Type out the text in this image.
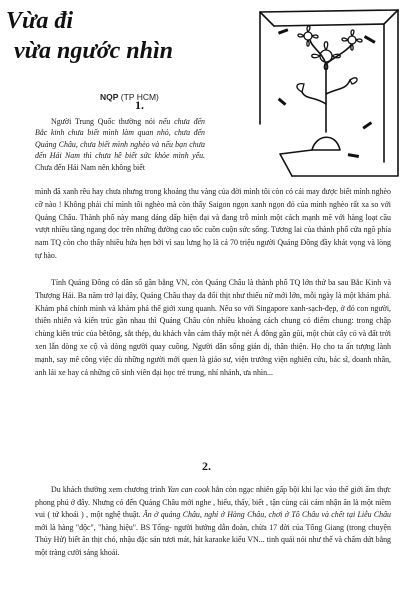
Vừa đi
vừa ngước nhìn
NQP (TP HCM)
1.

Người Trung Quốc thường nói nếu chưa đến Bắc kinh chưa biết mình làm quan nhỏ, chưa đến Quảng Châu, chưa biết mình nghèo và nếu bạn chưa đến Hải Nam thì chưa hề biết sức khỏe mình yếu. Chưa đến Hải Nam nên không biết

mình đã xanh rêu hay chưa nhưng trong khoảng thu vàng của đời mình tôi còn có cái may được biết mình nghèo cỡ nào ! Không phải chỉ mình tôi nghèo mà còn thấy Saigon ngọn xanh ngọn đỏ của mình nghèo rất xa so với Quảng Châu. Thành phố này mang dáng dấp hiện đại và đang trỗ mình một cách mạnh mẽ với hàng loạt cầu vượt nhiều tầng ngang dọc trên những đường cao tốc cuồn cuộn sức sống. Tương lai của thành phố cửa ngõ phía nam TQ còn cho thấy nhiều hứa hẹn bởi vì sau lưng họ là cả 70 triệu người Quảng Đông đầy khát vọng và lòng tự hào.

Tỉnh Quảng Đông có dân số gần bằng VN, còn Quảng Châu là thành phố TQ lớn thứ ba sau Bắc Kinh và Thượng Hải. Ba năm trở lại đây, Quảng Châu thay da đổi thịt như thiếu nữ mới lớn, mỗi ngày là một khám phá. Khám phá chính mình và khám phá thế giới xung quanh. Nếu so với Singapore xanh-sạch-đẹp, ở đó con người, thiên nhiên và kiến trúc gần nhau thì Quảng Châu còn nhiều khoảng cách chung có điểm chung: trong chập chùng kiến trúc của bêtông, sắt thép, du khách vẫn cảm thấy một nét Á đông gần gũi, một chút cây cỏ và đất trời xen lẫn dòng xe cộ và dòng người quay cuồng. Người dân sống giản dị, thân thiện. Họ cho ta ấn tượng lành mạnh, say mê công việc dù những người mới quen là giáo sư, viện trưởng viện nghiên cứu, bác sĩ, doanh nhân, anh lái xe hay cả những cô sinh viên đại học trẻ trung, nhí nhảnh, ưa nhìn...

2.

Du khách thường xem chương trình Yan can cook hẳn còn ngạc nhiên gấp bội khi lạc vào thế giới ẩm thực phong phú ở đây. Nhưng có đến Quảng Châu mới nghe , hiểu, thấy, biết , tận cùng cái cảm nhận ăn là một niềm vui ( tứ khoái ) , một nghệ thuật. Ăn ở quảng Châu, nghỉ ở Hàng Châu, chơi ở Tô Châu và chết tại Liễu Châu mới là hàng "độc", "hàng hiệu". BS Tống- người hướng dẫn đoàn, chừa 17 đời của Tống Giang (trong chuyện Thủy Hử) biết ăn thịt chó, nhậu đặc sản tươi mát, hát karaoke kiểu VN... tinh quái nói như thế và chấm dứt bằng một tràng cười sảng khoái.
